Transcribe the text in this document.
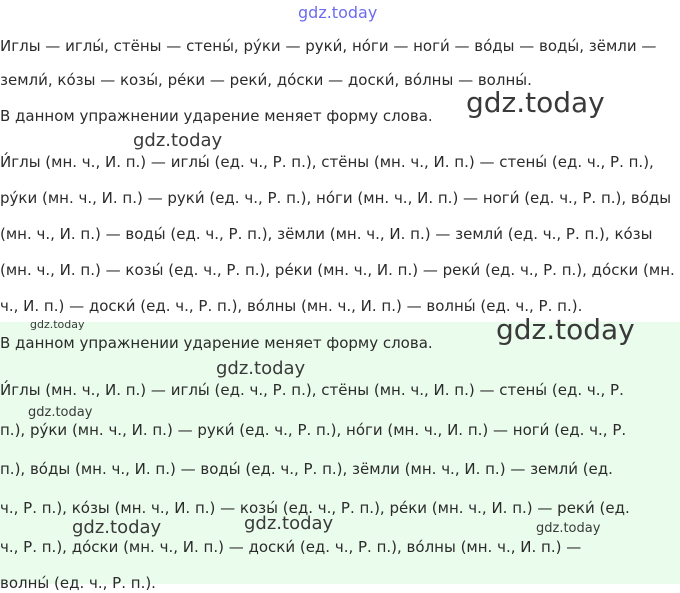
Иглы — иглы́, стёны — стены́, ру́ки — руки́, но́ги — ноги́ — во́ды — воды́, зёмли —
земли́, ко́зы — козы́, ре́ки — реки́, до́ски — доски́, во́лны — волны́.
В данном упражнении ударение меняет форму слова.
И́глы (мн. ч., И. п.) — иглы́ (ед. ч., Р. п.), стёны (мн. ч., И. п.) — стены́ (ед. ч., Р. п.),
ру́ки (мн. ч., И. п.) — руки́ (ед. ч., Р. п.), но́ги (мн. ч., И. п.) — ноги́ (ед. ч., Р. п.), во́ды
(мн. ч., И. п.) — воды́ (ед. ч., Р. п.), зёмли (мн. ч., И. п.) — земли́ (ед. ч., Р. п.), ко́зы
(мн. ч., И. п.) — козы́ (ед. ч., Р. п.), ре́ки (мн. ч., И. п.) — реки́ (ед. ч., Р. п.), до́ски (мн.
ч., И. п.) — доски́ (ед. ч., Р. п.), во́лны (мн. ч., И. п.) — волны́ (ед. ч., Р. п.).
В данном упражнении ударение меняет форму слова.
И́глы (мн. ч., И. п.) — иглы́ (ед. ч., Р. п.), стёны (мн. ч., И. п.) — стены́ (ед. ч., Р.
п.), ру́ки (мн. ч., И. п.) — руки́ (ед. ч., Р. п.), но́ги (мн. ч., И. п.) — ноги́ (ед. ч., Р.
п.), во́ды (мн. ч., И. п.) — воды́ (ед. ч., Р. п.), зёмли (мн. ч., И. п.) — земли́ (ед.
ч., Р. п.), ко́зы (мн. ч., И. п.) — козы́ (ед. ч., Р. п.), ре́ки (мн. ч., И. п.) — реки́ (ед.
ч., Р. п.), до́ски (мн. ч., И. п.) — доски́ (ед. ч., Р. п.), во́лны (мн. ч., И. п.) —
волны́ (ед. ч., Р. п.).
gdz.today
gdz.today
gdz.today
gdz.today	gdz.today
gdz.today
gdz.today
gdz.today	gdz.today	gdz.today
